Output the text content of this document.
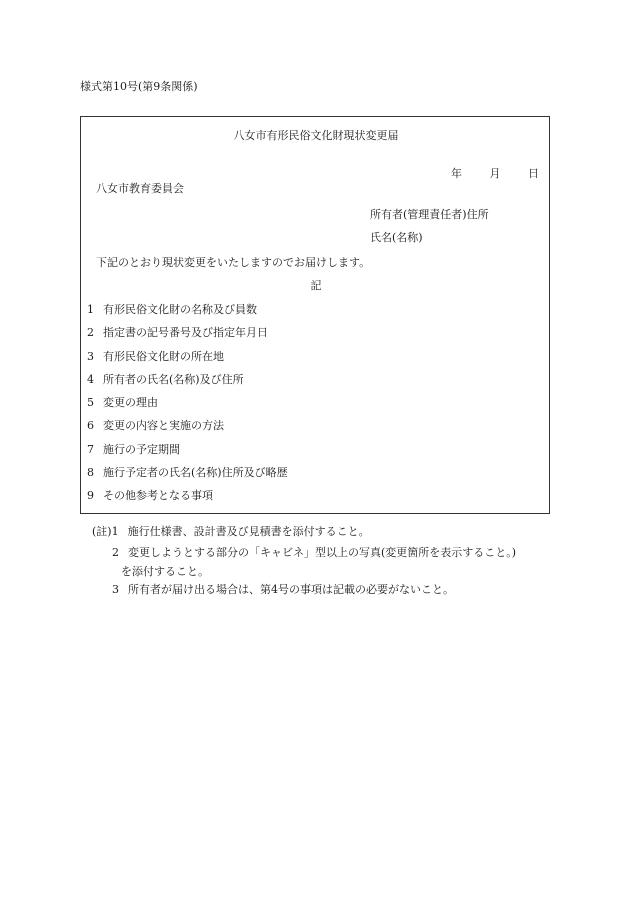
様式第10号(第9条関係)
八女市有形民俗文化財現状変更届
年	月	日
八女市教育委員会
所有者(管理責任者)住所
氏名(名称)
下記のとおり現状変更をいたしますのでお届けします。
記
1 有形民俗文化財の名称及び員数
2 指定書の記号番号及び指定年月日
3 有形民俗文化財の所在地
4 所有者の氏名(名称)及び住所
5 変更の理由
6 変更の内容と実施の方法
7 施行の予定期間
8 施行予定者の氏名(名称)住所及び略歴
9 その他参考となる事項
(註)1 施行仕様書、設計書及び見積書を添付すること。
2 変更しようとする部分の「キャビネ」型以上の写真(変更箇所を表示すること。)
を添付すること。
3 所有者が届け出る場合は、第4号の事項は記載の必要がないこと。
